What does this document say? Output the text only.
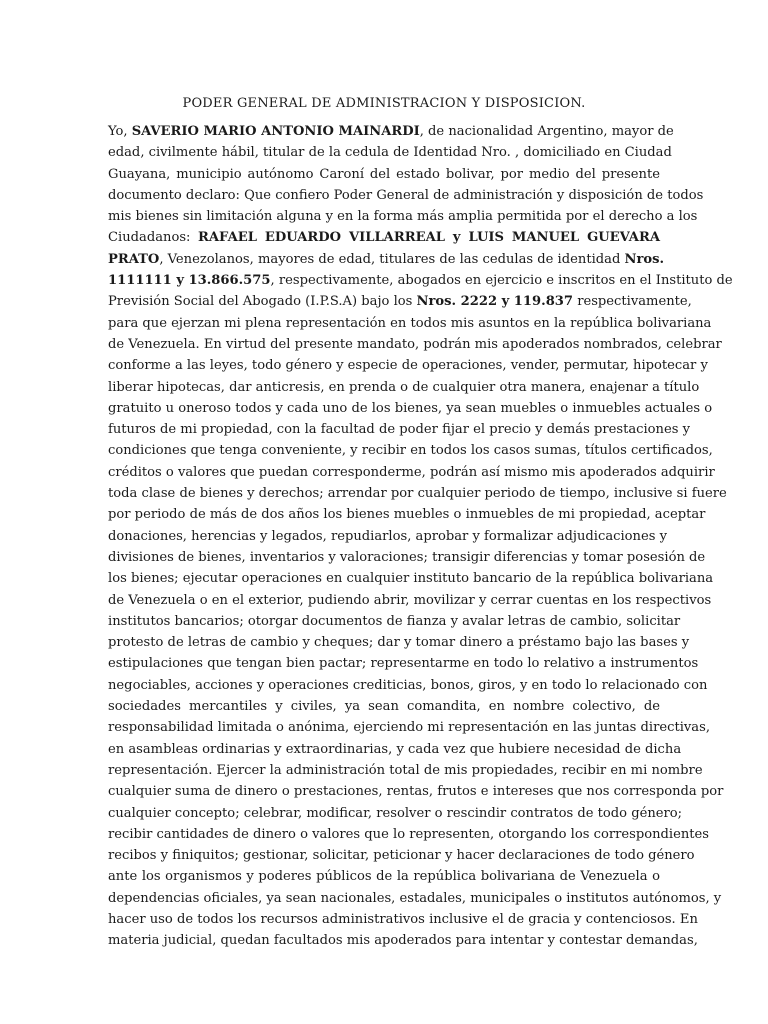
PODER GENERAL DE ADMINISTRACION Y DISPOSICION.
Yo, SAVERIO MARIO ANTONIO MAINARDI, de nacionalidad Argentino, mayor de
edad, civilmente hábil, titular de la cedula de Identidad Nro. , domiciliado en Ciudad
Guayana, municipio autónomo Caroní del estado bolivar, por medio del presente
documento declaro: Que confiero Poder General de administración y disposición de todos
mis bienes sin limitación alguna y en la forma más amplia permitida por el derecho a los
Ciudadanos: RAFAEL EDUARDO VILLARREAL y LUIS MANUEL GUEVARA
PRATO, Venezolanos, mayores de edad, titulares de las cedulas de identidad Nros.
1111111 y 13.866.575, respectivamente, abogados en ejercicio e inscritos en el Instituto de
Previsión Social del Abogado (I.P.S.A) bajo los Nros. 2222 y 119.837 respectivamente,
para que ejerzan mi plena representación en todos mis asuntos en la república bolivariana
de Venezuela. En virtud del presente mandato, podrán mis apoderados nombrados, celebrar
conforme a las leyes, todo género y especie de operaciones, vender, permutar, hipotecar y
liberar hipotecas, dar anticresis, en prenda o de cualquier otra manera, enajenar a título
gratuito u oneroso todos y cada uno de los bienes, ya sean muebles o inmuebles actuales o
futuros de mi propiedad, con la facultad de poder fijar el precio y demás prestaciones y
condiciones que tenga conveniente, y recibir en todos los casos sumas, títulos certificados,
créditos o valores que puedan corresponderme, podrán así mismo mis apoderados adquirir
toda clase de bienes y derechos; arrendar por cualquier periodo de tiempo, inclusive si fuere
por periodo de más de dos años los bienes muebles o inmuebles de mi propiedad, aceptar
donaciones, herencias y legados, repudiarlos, aprobar y formalizar adjudicaciones y
divisiones de bienes, inventarios y valoraciones; transigir diferencias y tomar posesión de
los bienes; ejecutar operaciones en cualquier instituto bancario de la república bolivariana
de Venezuela o en el exterior, pudiendo abrir, movilizar y cerrar cuentas en los respectivos
institutos bancarios; otorgar documentos de fianza y avalar letras de cambio, solicitar
protesto de letras de cambio y cheques; dar y tomar dinero a préstamo bajo las bases y
estipulaciones que tengan bien pactar; representarme en todo lo relativo a instrumentos
negociables, acciones y operaciones crediticias, bonos, giros, y en todo lo relacionado con
sociedades mercantiles y civiles, ya sean comandita, en nombre colectivo, de
responsabilidad limitada o anónima, ejerciendo mi representación en las juntas directivas,
en asambleas ordinarias y extraordinarias, y cada vez que hubiere necesidad de dicha
representación. Ejercer la administración total de mis propiedades, recibir en mi nombre
cualquier suma de dinero o prestaciones, rentas, frutos e intereses que nos corresponda por
cualquier concepto; celebrar, modificar, resolver o rescindir contratos de todo género;
recibir cantidades de dinero o valores que lo representen, otorgando los correspondientes
recibos y finiquitos; gestionar, solicitar, peticionar y hacer declaraciones de todo género
ante los organismos y poderes públicos de la república bolivariana de Venezuela o
dependencias oficiales, ya sean nacionales, estadales, municipales o institutos autónomos, y
hacer uso de todos los recursos administrativos inclusive el de gracia y contenciosos. En
materia judicial, quedan facultados mis apoderados para intentar y contestar demandas,
